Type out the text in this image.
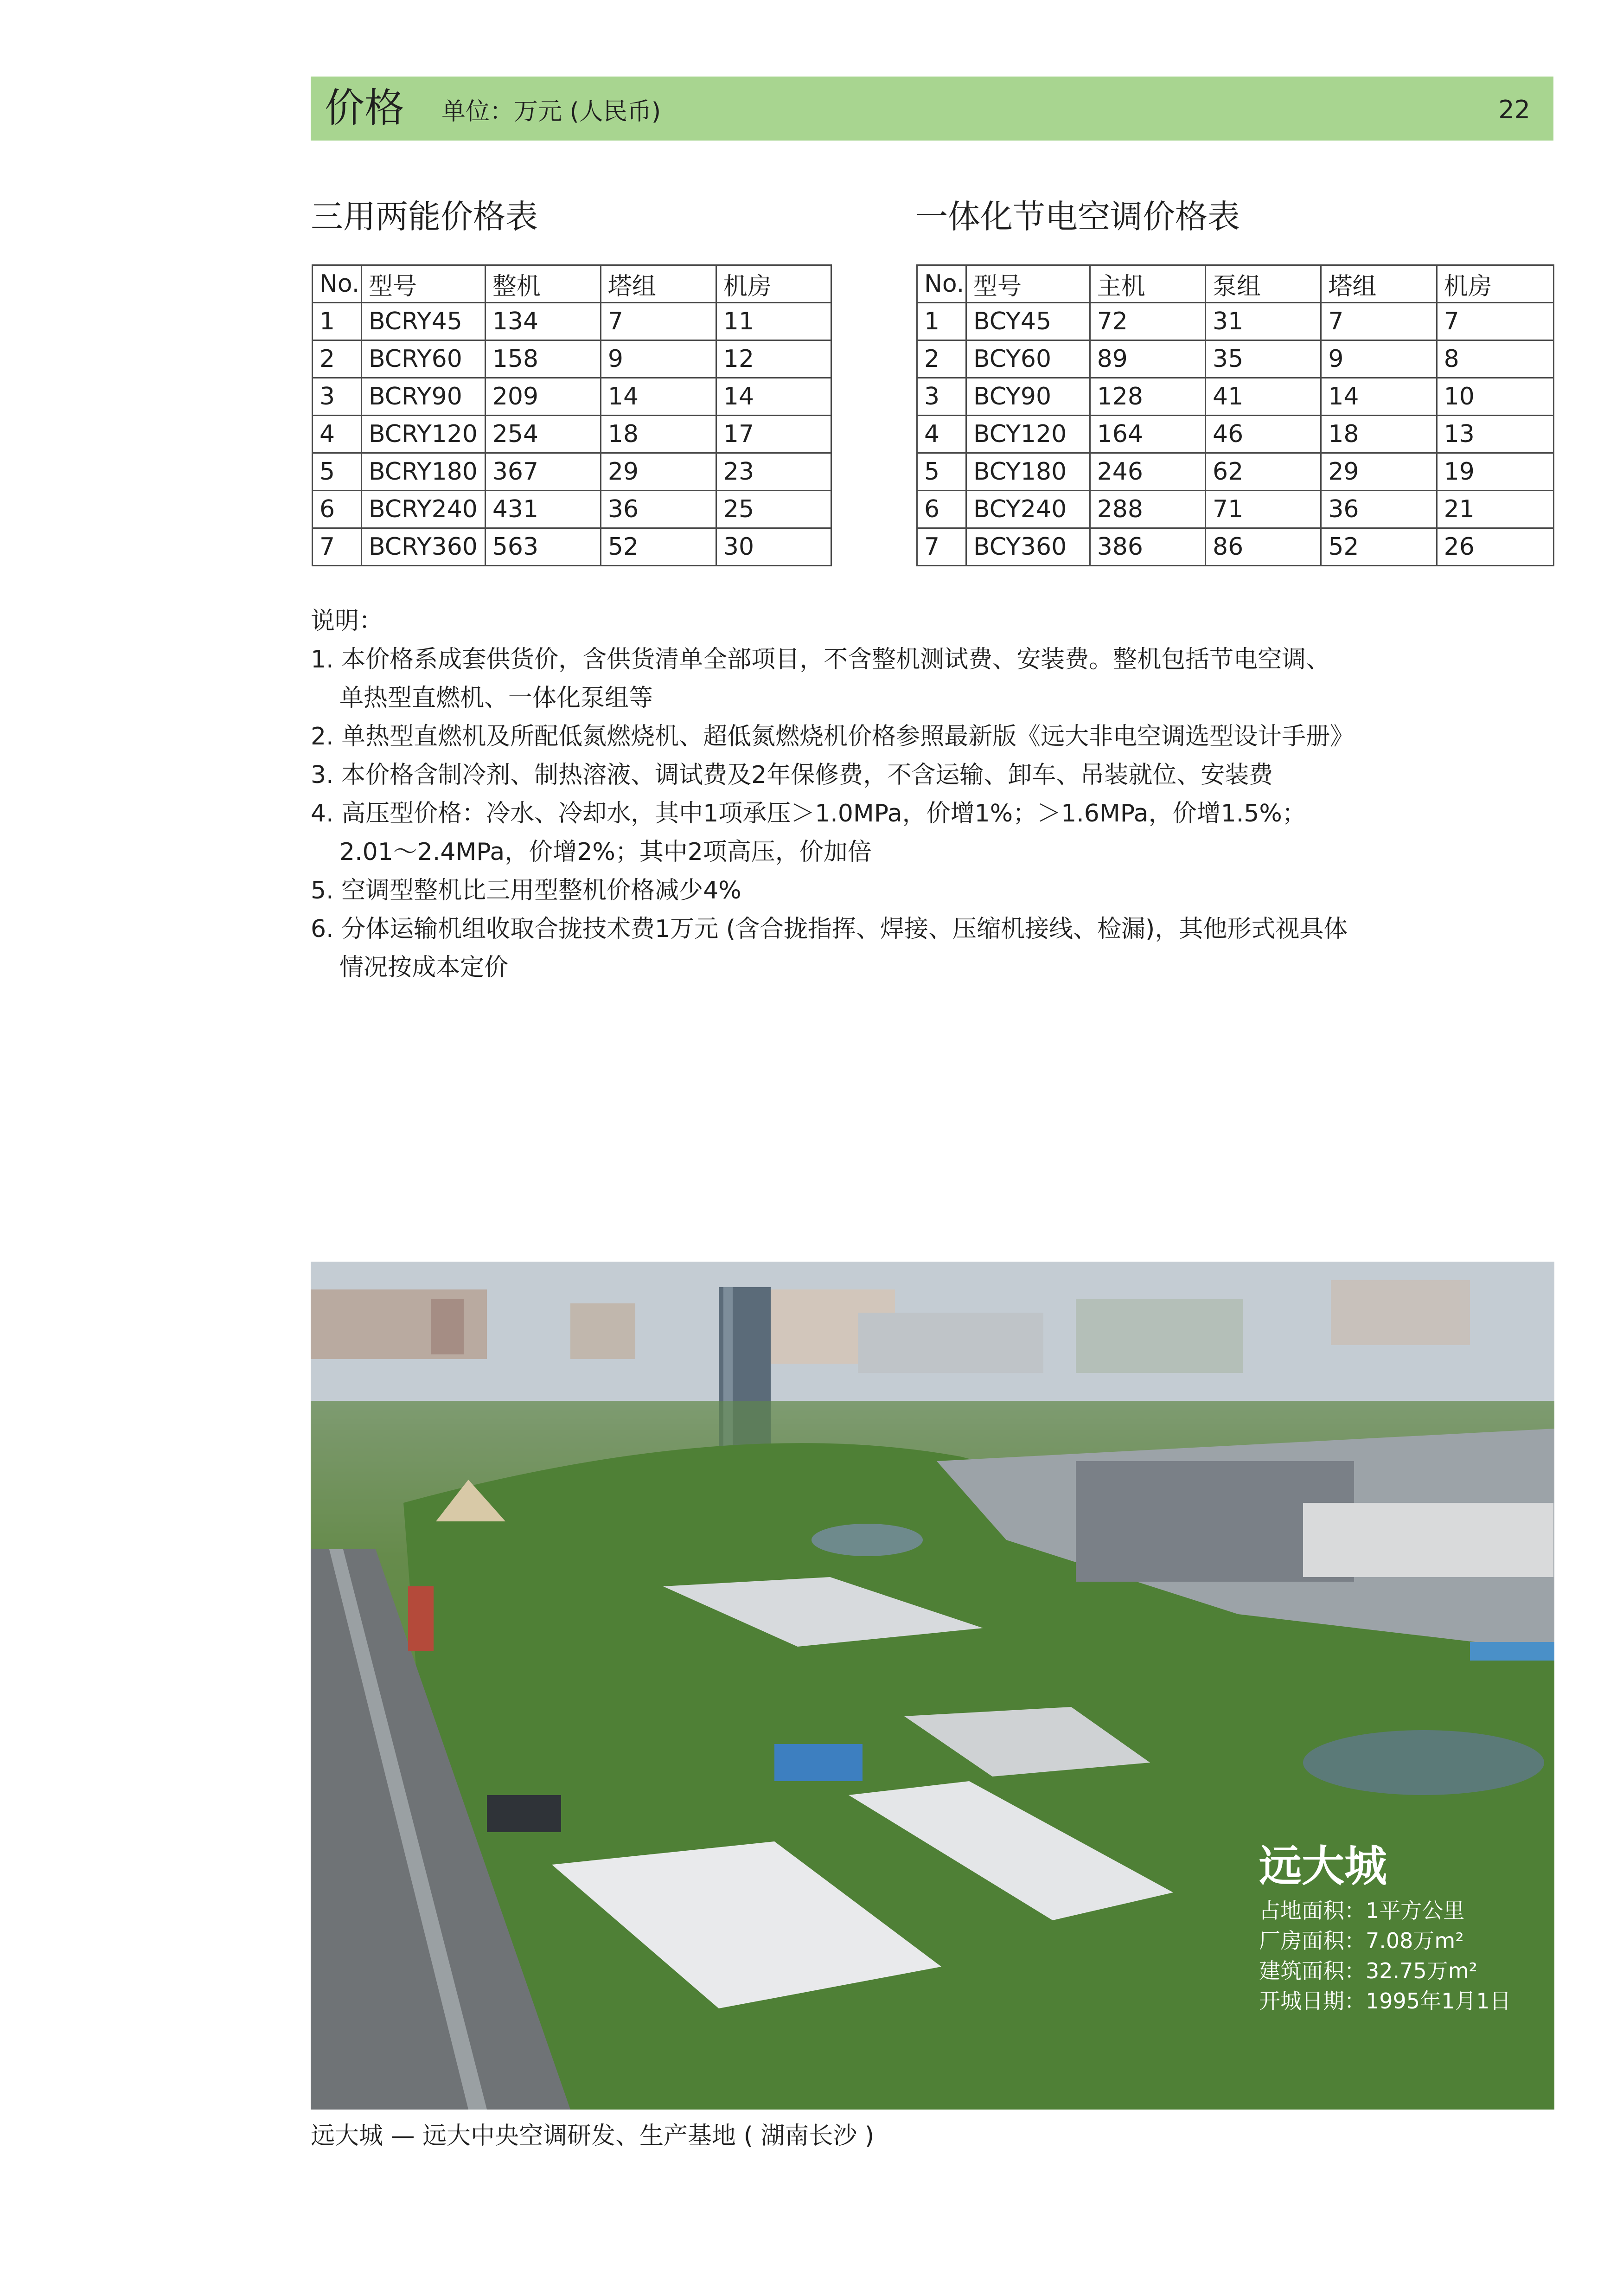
价格 单位：万元 (人民币)	22
三用两能价格表	一体化节电空调价格表
No.	型号	整机	塔组	机房
1	BCRY45	134	7	11
2	BCRY60	158	9	12
3	BCRY90	209	14	14
4	BCRY120	254	18	17
5	BCRY180	367	29	23
6	BCRY240	431	36	25
7	BCRY360	563	52	30
No.	型号	主机	泵组	塔组	机房
1	BCY45	72	31	7	7
2	BCY60	89	35	9	8
3	BCY90	128	41	14	10
4	BCY120	164	46	18	13
5	BCY180	246	62	29	19
6	BCY240	288	71	36	21
7	BCY360	386	86	52	26
说明：
1. 本价格系成套供货价，含供货清单全部项目，不含整机测试费、安装费。整机包括节电空调、
单热型直燃机、一体化泵组等
2. 单热型直燃机及所配低氮燃烧机、超低氮燃烧机价格参照最新版《远大非电空调选型设计手册》
3. 本价格含制冷剂、制热溶液、调试费及2年保修费，不含运输、卸车、吊装就位、安装费
4. 高压型价格：冷水、冷却水，其中1项承压＞1.0MPa，价增1%；＞1.6MPa，价增1.5%；
2.01～2.4MPa，价增2%；其中2项高压，价加倍
5. 空调型整机比三用型整机价格减少4%
6. 分体运输机组收取合拢技术费1万元 (含合拢指挥、焊接、压缩机接线、检漏)，其他形式视具体
情况按成本定价
远大城
占地面积：1平方公里
厂房面积：7.08万m²
建筑面积：32.75万m²
开城日期：1995年1月1日
远大城 — 远大中央空调研发、生产基地 ( 湖南长沙 )
